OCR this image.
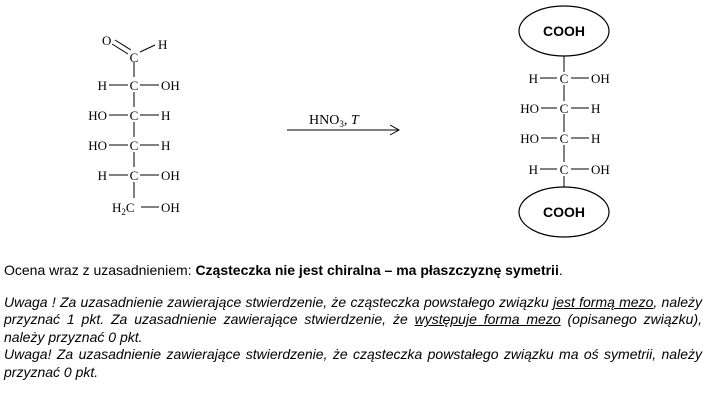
O	H
C
C
C
C
C
H	OH
HO	H
HO	H
H	OH
$H_2C$ OH
$HNO_3$, T
COOH
COOH
C
C
C
C
H	OH
HO	H
HO	H
H	OH

Ocena wraz z uzasadnieniem: Cząsteczka nie jest chiralna – ma płaszczyznę symetrii.

Uwaga ! Za uzasadnienie zawierające stwierdzenie, że cząsteczka powstałego związku jest formą mezo, należy przyznać 1 pkt. Za uzasadnienie zawierające stwierdzenie, że występuje forma mezo (opisanego związku), należy przyznać 0 pkt.

Uwaga! Za uzasadnienie zawierające stwierdzenie, że cząsteczka powstałego związku ma oś symetrii, należy przyznać 0 pkt.
